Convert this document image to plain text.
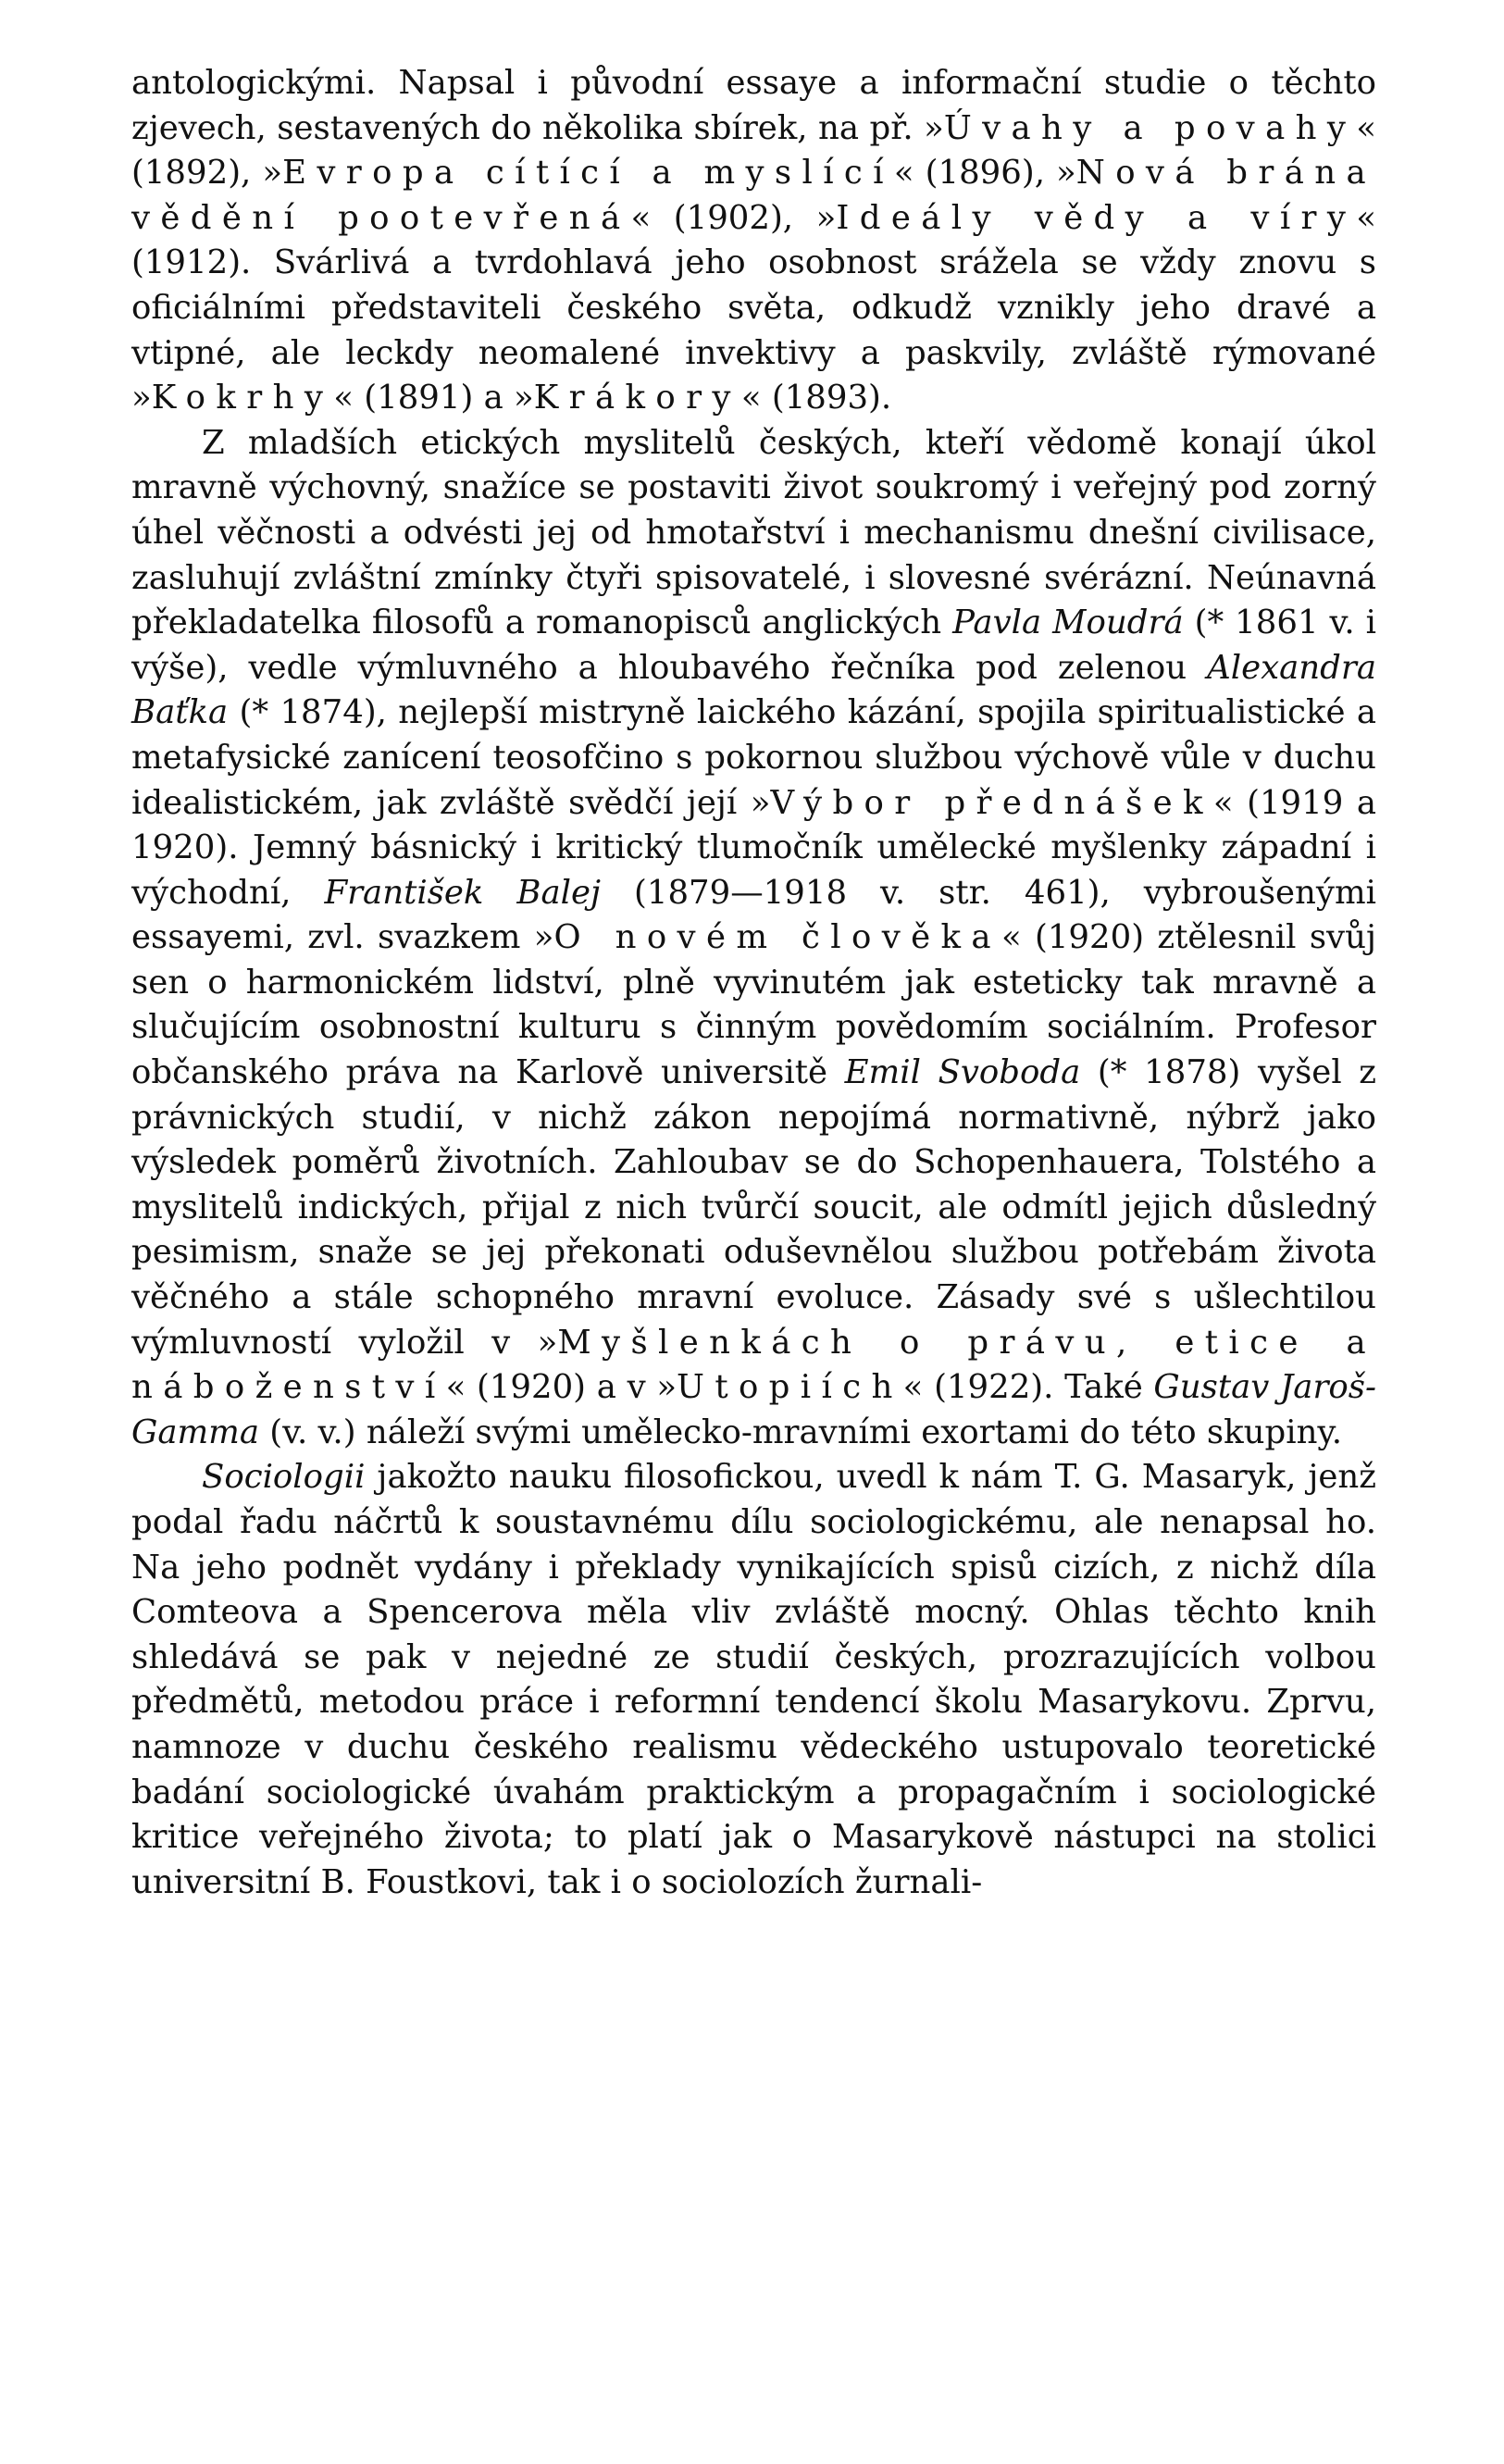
antologickými. Napsal i původní essaye a informační studie o těchto zjevech, sestavených do několika sbírek, na př. »Úvahy a povahy« (1892), »Evropa cítící a myslící« (1896), »Nová brána vědění pootevřená« (1902), »Ideály vědy a víry« (1912). Svárlivá a tvrdohlavá jeho osobnost srážela se vždy znovu s oficiálními představiteli českého světa, odkudž vznikly jeho dravé a vtipné, ale leckdy neomalené invektivy a paskvily, zvláště rýmované »Kokrhy« (1891) a »Krákory« (1893).

Z mladších etických myslitelů českých, kteří vědomě konají úkol mravně výchovný, snažíce se postaviti život soukromý i veřejný pod zorný úhel věčnosti a odvésti jej od hmotařství i mechanismu dnešní civilisace, zasluhují zvláštní zmínky čtyři spisovatelé, i slovesné svérázní. Neúnavná překladatelka filosofů a romanopisců anglických Pavla Moudrá (* 1861 v. i výše), vedle výmluvného a hloubavého řečníka pod zelenou Alexandra Baťka (* 1874), nejlepší mistryně laického kázání, spojila spiritualistické a metafysické zanícení teosofčino s pokornou službou výchově vůle v duchu idealistickém, jak zvláště svědčí její »Výbor přednášek« (1919 a 1920). Jemný básnický i kritický tlumočník umělecké myšlenky západní i východní, František Balej (1879—1918 v. str. 461), vybroušenými essayemi, zvl. svazkem »O novém člověka« (1920) ztělesnil svůj sen o harmonickém lidství, plně vyvinutém jak esteticky tak mravně a slučujícím osobnostní kulturu s činným povědomím sociálním. Profesor občanského práva na Karlově universitě Emil Svoboda (* 1878) vyšel z právnických studií, v nichž zákon nepojímá normativně, nýbrž jako výsledek poměrů životních. Zahloubav se do Schopenhauera, Tolstého a myslitelů indických, přijal z nich tvůrčí soucit, ale odmítl jejich důsledný pesimism, snaže se jej překonati oduševnělou službou potřebám života věčného a stále schopného mravní evoluce. Zásady své s ušlechtilou výmluvností vyložil v »Myšlenkách o právu, etice a náboženství« (1920) a v »Utopiích« (1922). Také Gustav Jaroš-Gamma (v. v.) náleží svými umělecko-mravními exortami do této skupiny.

Sociologii jakožto nauku filosofickou, uvedl k nám T. G. Masaryk, jenž podal řadu náčrtů k soustavnému dílu sociologickému, ale nenapsal ho. Na jeho podnět vydány i překlady vynikajících spisů cizích, z nichž díla Comteova a Spencerova měla vliv zvláště mocný. Ohlas těchto knih shledává se pak v nejedné ze studií českých, prozrazujících volbou předmětů, metodou práce i reformní tendencí školu Masarykovu. Zprvu, namnoze v duchu českého realismu vědeckého ustupovalo teoretické badání sociologické úvahám praktickým a propagačním i sociologické kritice veřejného života; to platí jak o Masarykově nástupci na stolici universitní B. Foustkovi, tak i o sociolozích žurnali-
